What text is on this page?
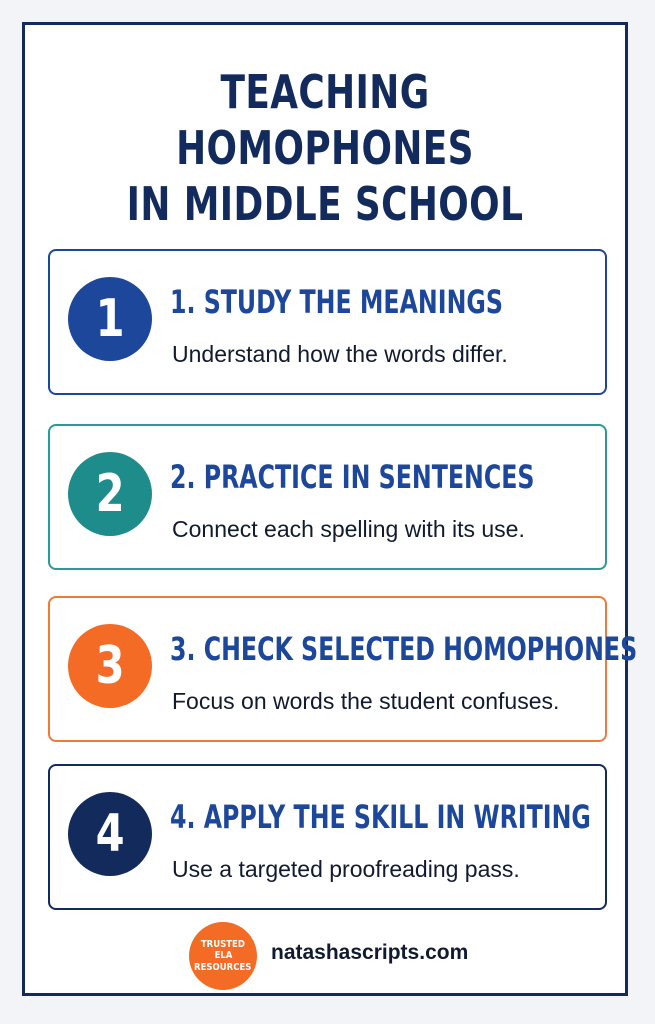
TEACHING HOMOPHONES
IN MIDDLE SCHOOL
1 1. STUDY THE MEANINGS
Understand how the words differ.
2 2. PRACTICE IN SENTENCES
Connect each spelling with its use.
3 3. CHECK SELECTED HOMOPHONES
Focus on words the student confuses.
4 4. APPLY THE SKILL IN WRITING
Use a targeted proofreading pass.
TRUSTED
ELA
RESOURCES
natashascripts.com
